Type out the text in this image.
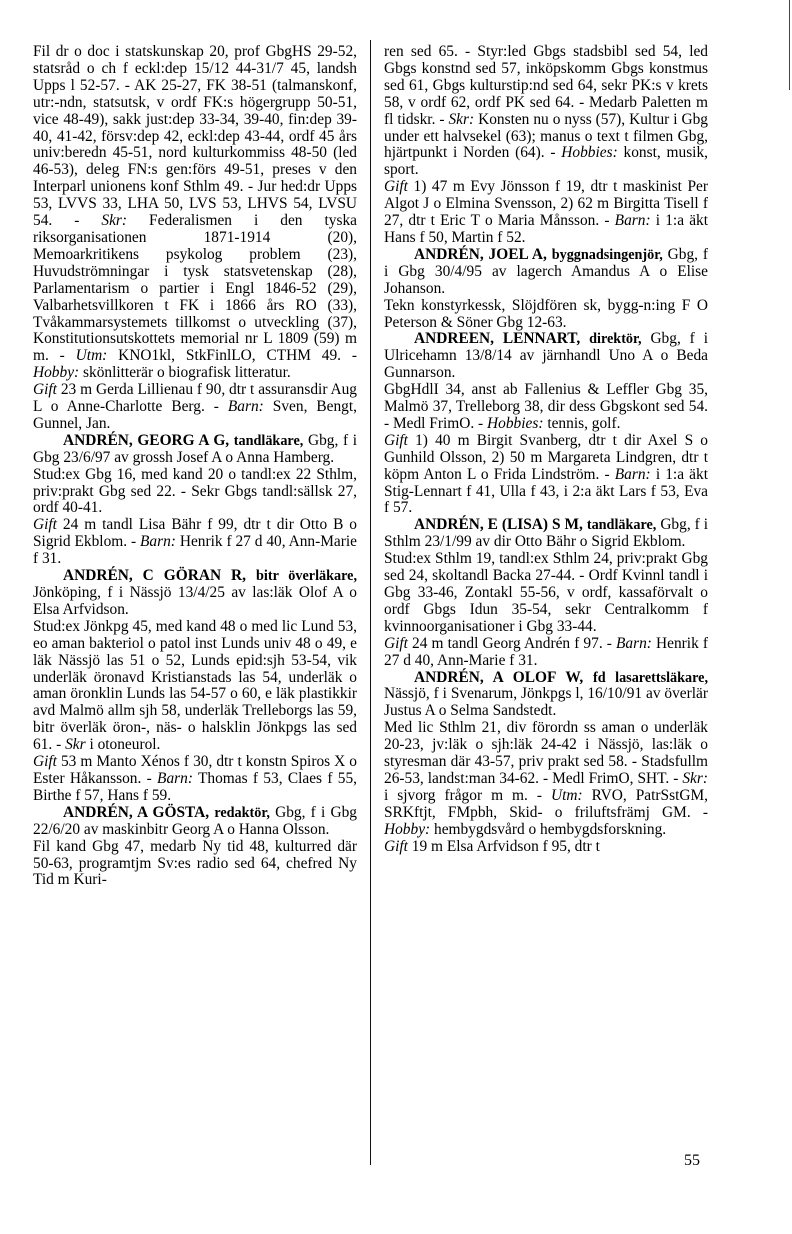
Fil dr o doc i statskunskap 20, prof GbgHS 29-52, statsråd o ch f eckl:dep 15/12 44-31/7 45, landsh Upps l 52-57. - AK 25-27, FK 38-51 (talmanskonf, utr:-ndn, statsutsk, v ordf FK:s högergrupp 50-51, vice 48-49), sakk just:dep 33-34, 39-40, fin:dep 39-40, 41-42, försv:dep 42, eckl:dep 43-44, ordf 45 års univ:beredn 45-51, nord kulturkommiss 48-50 (led 46-53), deleg FN:s gen:förs 49-51, preses v den Interparl unionens konf Sthlm 49. - Jur hed:dr Upps 53, LVVS 33, LHA 50, LVS 53, LHVS 54, LVSU 54. - Skr: Federalismen i den tyska riksorganisationen 1871-1914 (20), Memoarkritikens psykolog problem (23), Huvudströmningar i tysk statsvetenskap (28), Parlamentarism o partier i Engl 1846-52 (29), Valbarhetsvillkoren t FK i 1866 års RO (33), Tvåkammarsystemets tillkomst o utveckling (37), Konstitutionsutskottets memorial nr L 1809 (59) m m. - Utm: KNO1kl, StkFinlLO, CTHM 49. - Hobby: skönlitterär o biografisk litteratur.

Gift 23 m Gerda Lillienau f 90, dtr t assuransdir Aug L o Anne-Charlotte Berg. - Barn: Sven, Bengt, Gunnel, Jan.

ANDRÉN, GEORG A G, tandläkare, Gbg, f i Gbg 23/6/97 av grossh Josef A o Anna Hamberg.

Stud:ex Gbg 16, med kand 20 o tandl:ex 22 Sthlm, priv:prakt Gbg sed 22. - Sekr Gbgs tandl:sällsk 27, ordf 40-41.

Gift 24 m tandl Lisa Bähr f 99, dtr t dir Otto B o Sigrid Ekblom. - Barn: Henrik f 27 d 40, Ann-Marie f 31.

ANDRÉN, C GÖRAN R, bitr överläkare, Jönköping, f i Nässjö 13/4/25 av las:läk Olof A o Elsa Arfvidson.

Stud:ex Jönkpg 45, med kand 48 o med lic Lund 53, eo aman bakteriol o patol inst Lunds univ 48 o 49, e läk Nässjö las 51 o 52, Lunds epid:sjh 53-54, vik underläk öronavd Kristianstads las 54, underläk o aman öronklin Lunds las 54-57 o 60, e läk plastikkir avd Malmö allm sjh 58, underläk Trelleborgs las 59, bitr överläk öron-, näs- o halsklin Jönkpgs las sed 61. - Skr i otoneurol.

Gift 53 m Manto Xénos f 30, dtr t konstn Spiros X o Ester Håkansson. - Barn: Thomas f 53, Claes f 55, Birthe f 57, Hans f 59.

ANDRÉN, A GÖSTA, redaktör, Gbg, f i Gbg 22/6/20 av maskinbitr Georg A o Hanna Olsson.

Fil kand Gbg 47, medarb Ny tid 48, kulturred där 50-63, programtjm Sv:es radio sed 64, chefred Ny Tid m Kuri-

ren sed 65. - Styr:led Gbgs stadsbibl sed 54, led Gbgs konstnd sed 57, inköpskomm Gbgs konstmus sed 61, Gbgs kulturstip:nd sed 64, sekr PK:s v krets 58, v ordf 62, ordf PK sed 64. - Medarb Paletten m fl tidskr. - Skr: Konsten nu o nyss (57), Kultur i Gbg under ett halvsekel (63); manus o text t filmen Gbg, hjärtpunkt i Norden (64). - Hobbies: konst, musik, sport.

Gift 1) 47 m Evy Jönsson f 19, dtr t maskinist Per Algot J o Elmina Svensson, 2) 62 m Birgitta Tisell f 27, dtr t Eric T o Maria Månsson. - Barn: i 1:a äkt Hans f 50, Martin f 52.

ANDRÉN, JOEL A, byggnadsingenjör, Gbg, f i Gbg 30/4/95 av lagerch Amandus A o Elise Johanson.

Tekn konstyrkessk, Slöjdfören sk, bygg-n:ing F O Peterson & Söner Gbg 12-63.

ANDREEN, LENNART, direktör, Gbg, f i Ulricehamn 13/8/14 av järnhandl Uno A o Beda Gunnarson.

GbgHdlI 34, anst ab Fallenius & Leffler Gbg 35, Malmö 37, Trelleborg 38, dir dess Gbgskont sed 54. - Medl FrimO. - Hobbies: tennis, golf.

Gift 1) 40 m Birgit Svanberg, dtr t dir Axel S o Gunhild Olsson, 2) 50 m Margareta Lindgren, dtr t köpm Anton L o Frida Lindström. - Barn: i 1:a äkt Stig-Lennart f 41, Ulla f 43, i 2:a äkt Lars f 53, Eva f 57.

ANDRÉN, E (LISA) S M, tandläkare, Gbg, f i Sthlm 23/1/99 av dir Otto Bähr o Sigrid Ekblom.

Stud:ex Sthlm 19, tandl:ex Sthlm 24, priv:prakt Gbg sed 24, skoltandl Backa 27-44. - Ordf Kvinnl tandl i Gbg 33-46, Zontakl 55-56, v ordf, kassaförvalt o ordf Gbgs Idun 35-54, sekr Centralkomm f kvinnoorganisationer i Gbg 33-44.

Gift 24 m tandl Georg Andrén f 97. - Barn: Henrik f 27 d 40, Ann-Marie f 31.

ANDRÉN, A OLOF W, fd lasarettsläkare, Nässjö, f i Svenarum, Jönkpgs l, 16/10/91 av överlär Justus A o Selma Sandstedt.

Med lic Sthlm 21, div förordn ss aman o underläk 20-23, jv:läk o sjh:läk 24-42 i Nässjö, las:läk o styresman där 43-57, priv prakt sed 58. - Stadsfullm 26-53, landst:man 34-62. - Medl FrimO, SHT. - Skr: i sjvorg frågor m m. - Utm: RVO, PatrSstGM, SRKftjt, FMpbh, Skid- o friluftsfrämj GM. - Hobby: hembygdsvård o hembygdsforskning.

Gift 19 m Elsa Arfvidson f 95, dtr t

55
